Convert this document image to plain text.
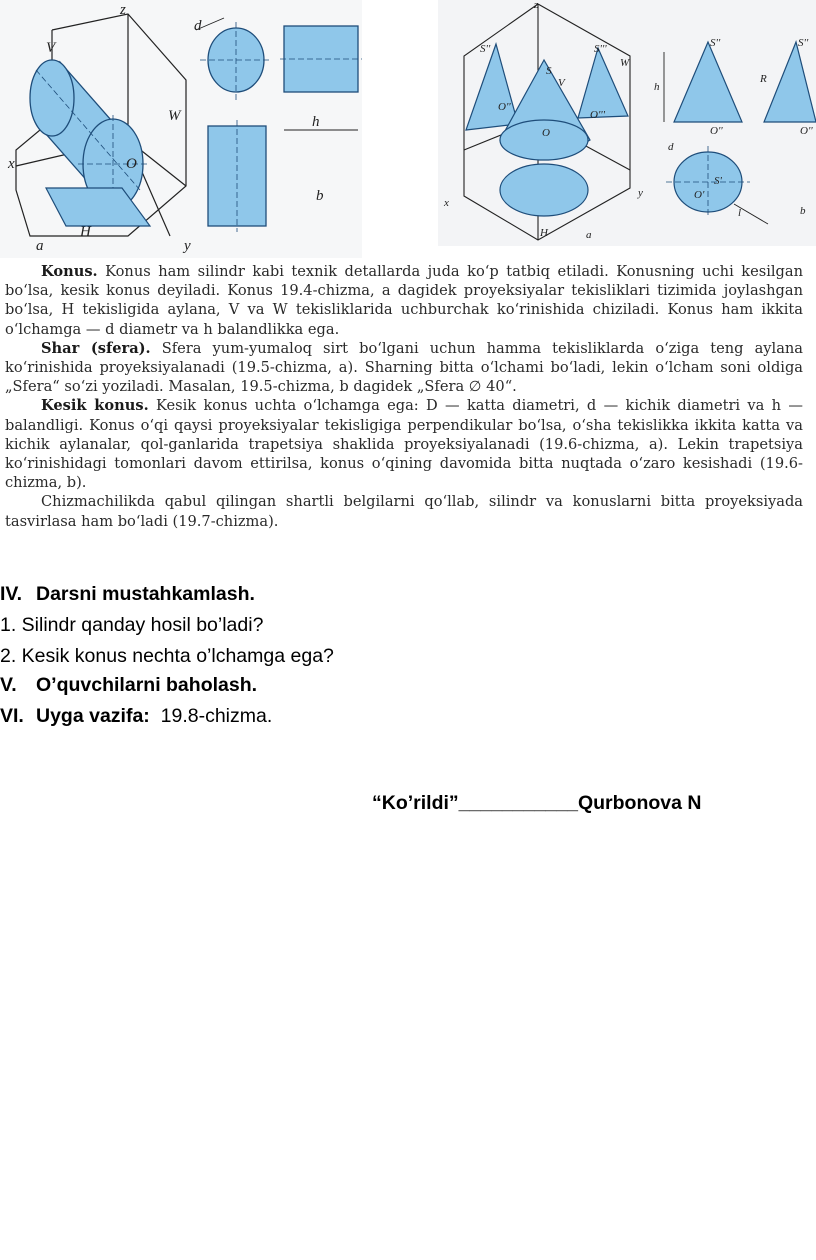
z
V
W
x
H
y
O
d
h
a
b
z
S''	S'''
W
S
V
O''
O'''
O
x
y
H	a
h
R
S''	S''
O''	O''
d
S'
O'
l	b

Konus. Konus ham silindr kabi texnik detallarda juda ko‘p tatbiq etiladi. Konusning uchi kesilgan bo‘lsa, kesik konus deyiladi. Konus 19.4-chizma, a dagidek proyeksiyalar tekisliklari tizimida joylashgan bo‘lsa, H tekisligida aylana, V va W tekisliklarida uchburchak ko‘rinishida chiziladi. Konus ham ikkita o‘lchamga — d diametr va h balandlikka ega.

Shar (sfera). Sfera yum-yumaloq sirt bo‘lgani uchun hamma tekisliklarda o‘ziga teng aylana ko‘rinishida proyeksiyalanadi (19.5-chizma, a). Sharning bitta o‘lchami bo‘ladi, lekin o‘lcham soni oldiga „Sfera“ so‘zi yoziladi. Masalan, 19.5-chizma, b dagidek „Sfera ∅ 40“.

Kesik konus. Kesik konus uchta o‘lchamga ega: D — katta diametri, d — kichik diametri va h — balandligi. Konus o‘qi qaysi proyeksiyalar tekisligiga perpendikular bo‘lsa, o‘sha tekislikka ikkita katta va kichik aylanalar, qol-ganlarida trapetsiya shaklida proyeksiyalanadi (19.6-chizma, a). Lekin trapetsiya ko‘rinishidagi tomonlari davom ettirilsa, konus o‘qining davomida bitta nuqtada o‘zaro kesishadi (19.6-chizma, b).

Chizmachilikda qabul qilingan shartli belgilarni qo‘llab, silindr va konuslarni bitta proyeksiyada tasvirlasa ham bo‘ladi (19.7-chizma).

IV. Darsni mustahkamlash.
1. Silindr qanday hosil bo’ladi?
2. Kesik konus nechta o’lchamga ega?
V. O’quvchilarni baholash.
VI. Uyga vazifa: 19.8-chizma.
“Ko’rildi”___________Qurbonova N
